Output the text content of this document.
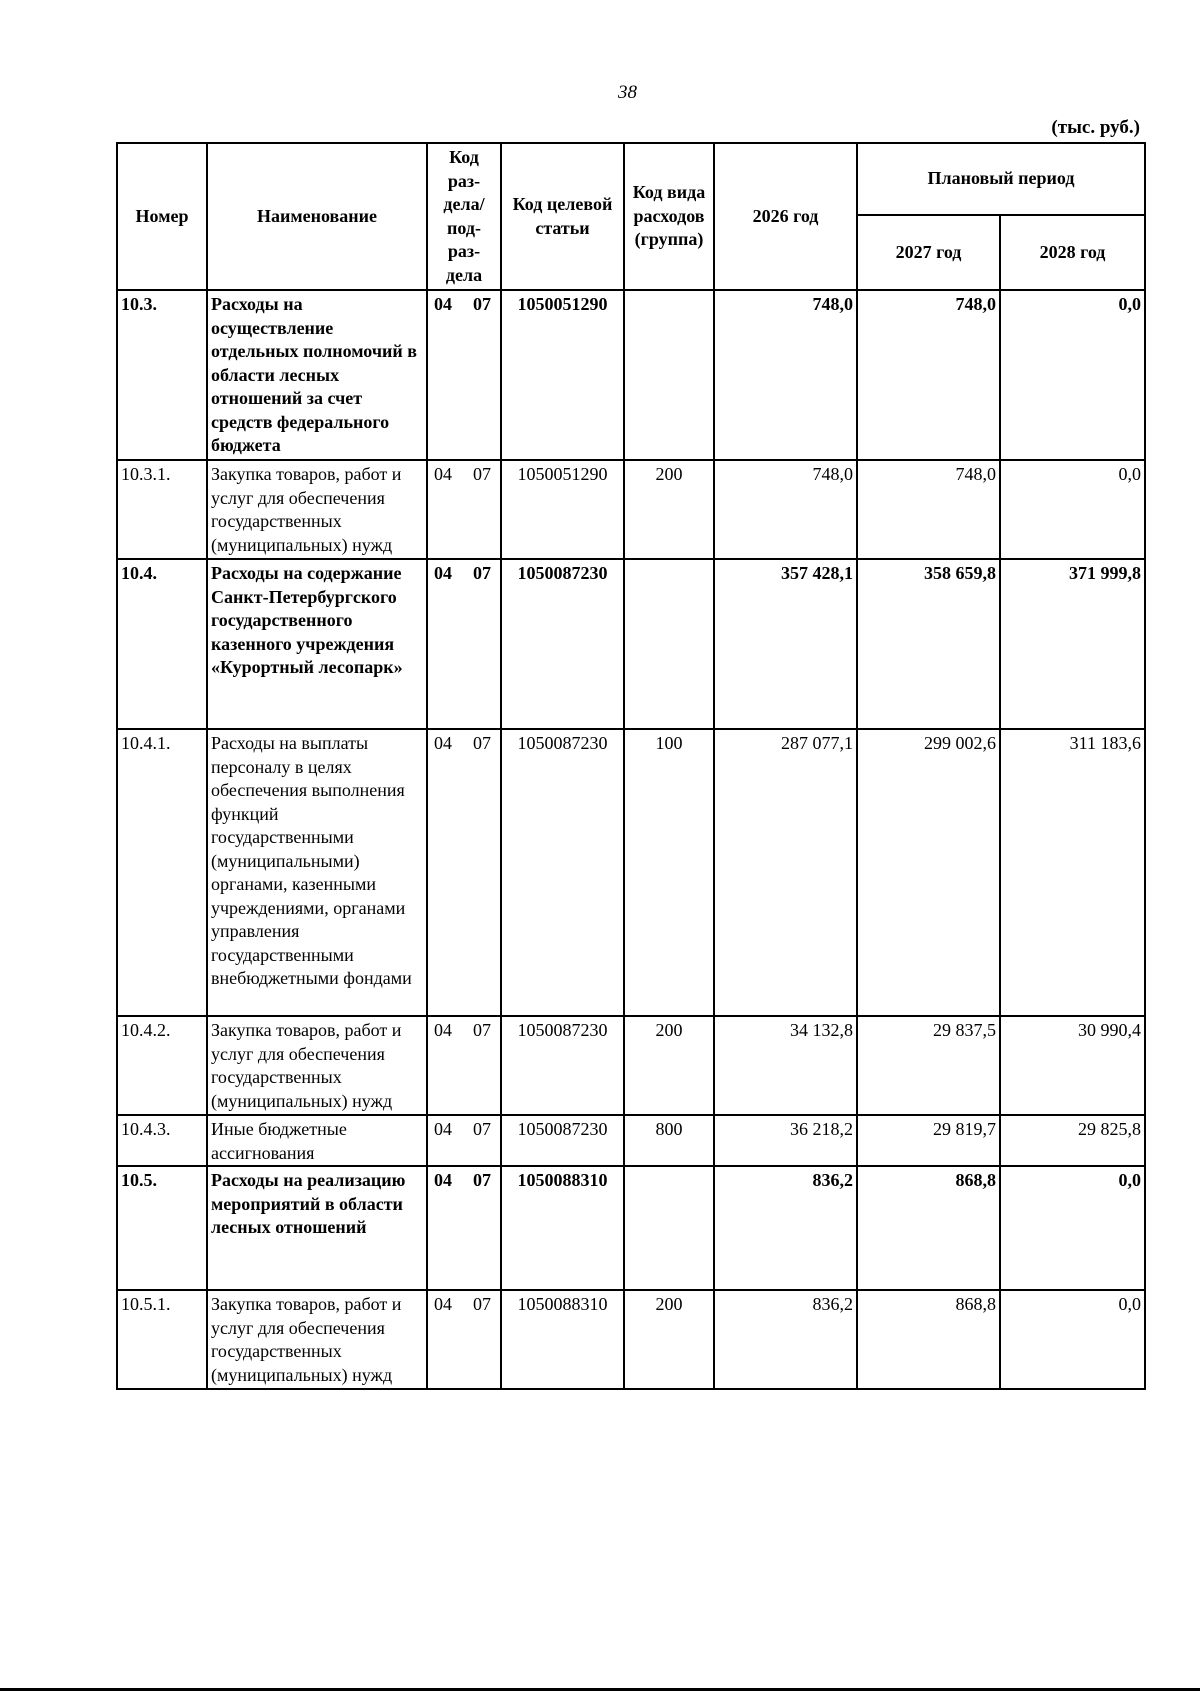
38
(тыс. руб.)
Номер	Наименование	Код раз-дела/ под-раз-дела	Код целевой статьи	Код вида расходов (группа)	2026 год	Плановый период	
						2027 год	2028 год
10.3.	Расходы на осуществление отдельных полномочий в области лесных отношений за счет средств федерального бюджета	04 07	1050051290		748,0	748,0	0,0
10.3.1.	Закупка товаров, работ и услуг для обеспечения государственных (муниципальных) нужд	04 07	1050051290	200	748,0	748,0	0,0
10.4.	Расходы на содержание Санкт-Петербургского государственного казенного учреждения «Курортный лесопарк»	04 07	1050087230		357 428,1	358 659,8	371 999,8
10.4.1.	Расходы на выплаты персоналу в целях обеспечения выполнения функций государственными (муниципальными) органами, казенными учреждениями, органами управления государственными внебюджетными фондами	04 07	1050087230	100	287 077,1	299 002,6	311 183,6
10.4.2.	Закупка товаров, работ и услуг для обеспечения государственных (муниципальных) нужд	04 07	1050087230	200	34 132,8	29 837,5	30 990,4
10.4.3.	Иные бюджетные ассигнования	04 07	1050087230	800	36 218,2	29 819,7	29 825,8
10.5.	Расходы на реализацию мероприятий в области лесных отношений	04 07	1050088310		836,2	868,8	0,0
10.5.1.	Закупка товаров, работ и услуг для обеспечения государственных (муниципальных) нужд	04 07	1050088310	200	836,2	868,8	0,0
